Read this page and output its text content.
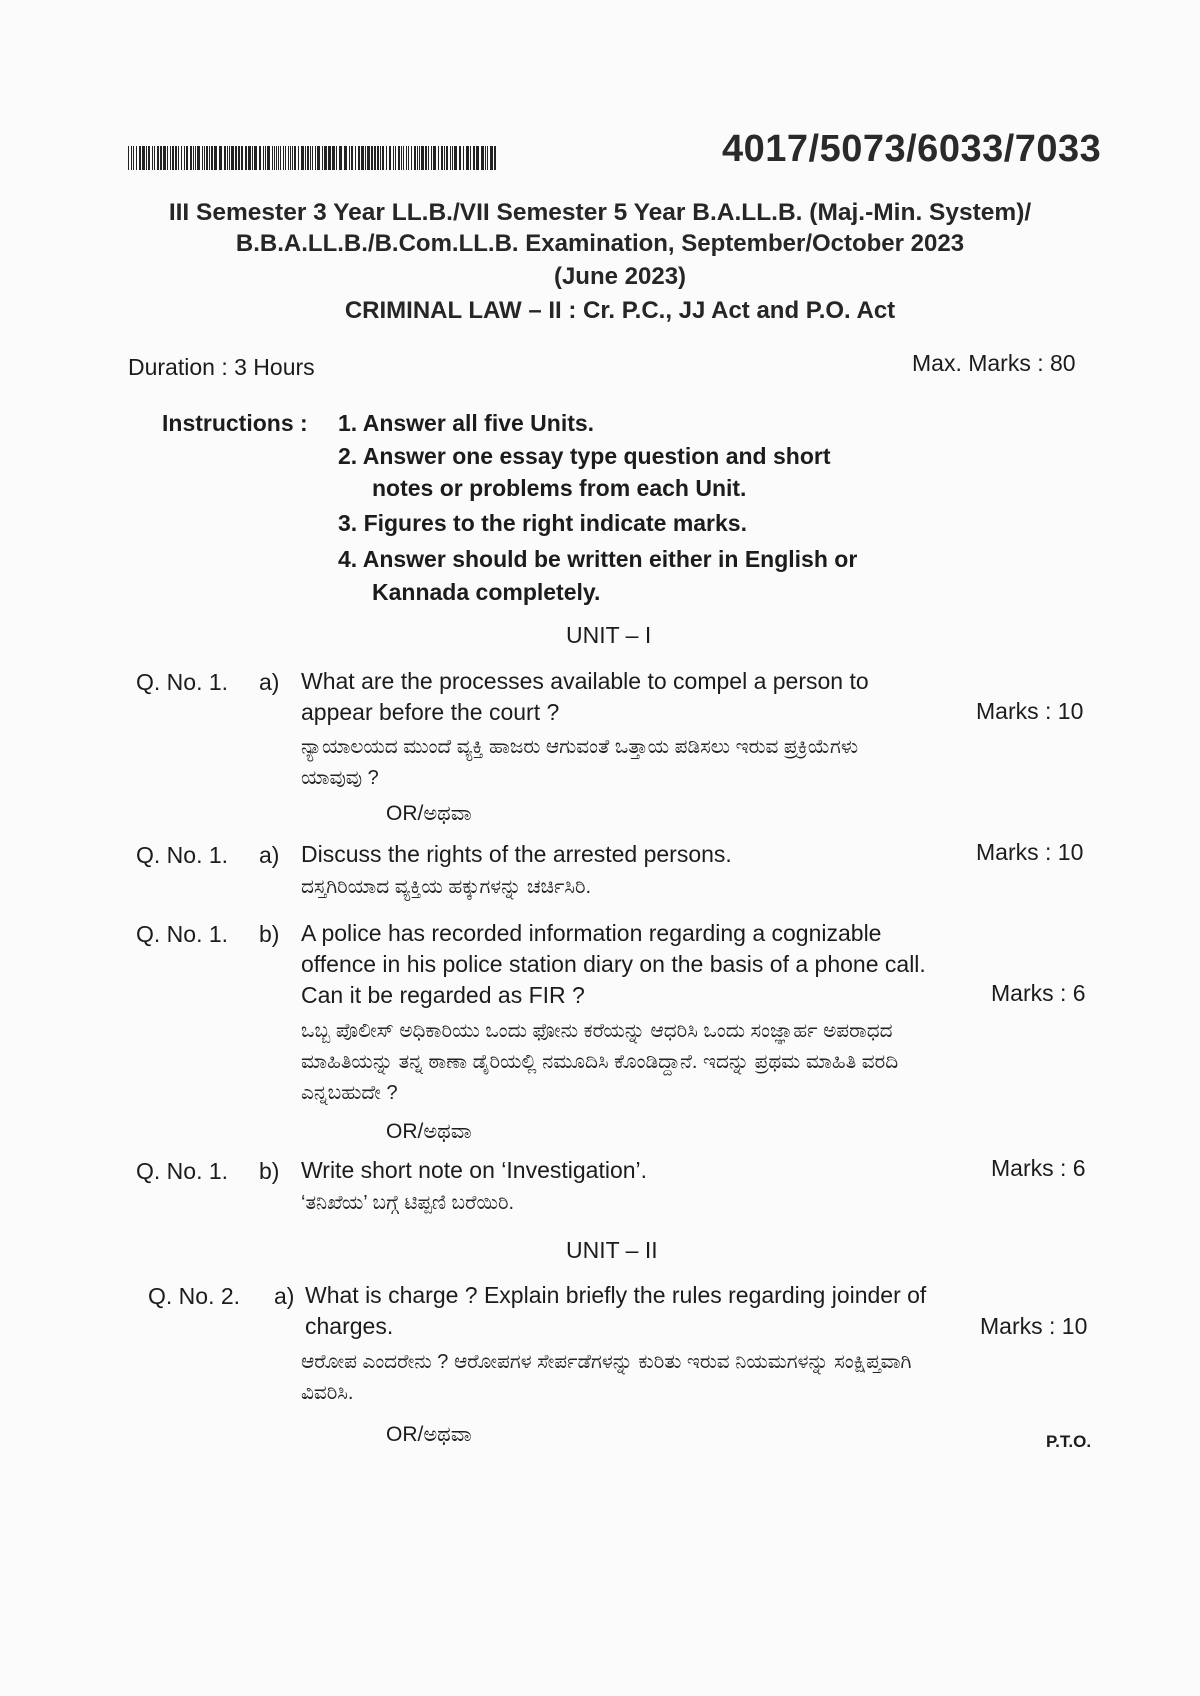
4017/5073/6033/7033
III Semester 3 Year LL.B./VII Semester 5 Year B.A.LL.B. (Maj.-Min. System)/
B.B.A.LL.B./B.Com.LL.B. Examination, September/October 2023
(June 2023)
CRIMINAL LAW – II : Cr. P.C., JJ Act and P.O. Act
Duration : 3 Hours	Max. Marks : 80
Instructions : 1. Answer all five Units.
2. Answer one essay type question and short
notes or problems from each Unit.
3. Figures to the right indicate marks.
4. Answer should be written either in English or
Kannada completely.
UNIT – I
Q. No. 1. a) What are the processes available to compel a person to appear before the court ?	Marks : 10
ನ್ಯಾಯಾಲಯದ ಮುಂದೆ ವ್ಯಕ್ತಿ ಹಾಜರು ಆಗುವಂತೆ ಒತ್ತಾಯ ಪಡಿಸಲು ಇರುವ ಪ್ರಕ್ರಿಯೆಗಳು ಯಾವುವು ?
OR/ಅಥವಾ
Q. No. 1. a) Discuss the rights of the arrested persons.	Marks : 10
ದಸ್ತಗಿರಿಯಾದ ವ್ಯಕ್ತಿಯ ಹಕ್ಕುಗಳನ್ನು ಚರ್ಚಿಸಿರಿ.
Q. No. 1. b) A police has recorded information regarding a cognizable offence in his police station diary on the basis of a phone call. Can it be regarded as FIR ?	Marks : 6
ಒಬ್ಬ ಪೊಲೀಸ್ ಅಧಿಕಾರಿಯು ಒಂದು ಫೋನು ಕರೆಯನ್ನು ಆಧರಿಸಿ ಒಂದು ಸಂಜ್ಞಾರ್ಹ ಅಪರಾಧದ ಮಾಹಿತಿಯನ್ನು ತನ್ನ ಠಾಣಾ ಡೈರಿಯಲ್ಲಿ ನಮೂದಿಸಿ ಕೊಂಡಿದ್ದಾನೆ. ಇದನ್ನು ಪ್ರಥಮ ಮಾಹಿತಿ ವರದಿ ಎನ್ನಬಹುದೇ ?
OR/ಅಥವಾ
Q. No. 1. b) Write short note on ‘Investigation’.	Marks : 6
‘ತನಿಖೆಯ’ ಬಗ್ಗೆ ಟಿಪ್ಪಣಿ ಬರೆಯಿರಿ.
UNIT – II
Q. No. 2. a) What is charge ? Explain briefly the rules regarding joinder of charges.	Marks : 10
ಆರೋಪ ಎಂದರೇನು ? ಆರೋಪಗಳ ಸೇರ್ಪಡೆಗಳನ್ನು ಕುರಿತು ಇರುವ ನಿಯಮಗಳನ್ನು ಸಂಕ್ಷಿಪ್ತವಾಗಿ ವಿವರಿಸಿ.
OR/ಅಥವಾ	P.T.O.
